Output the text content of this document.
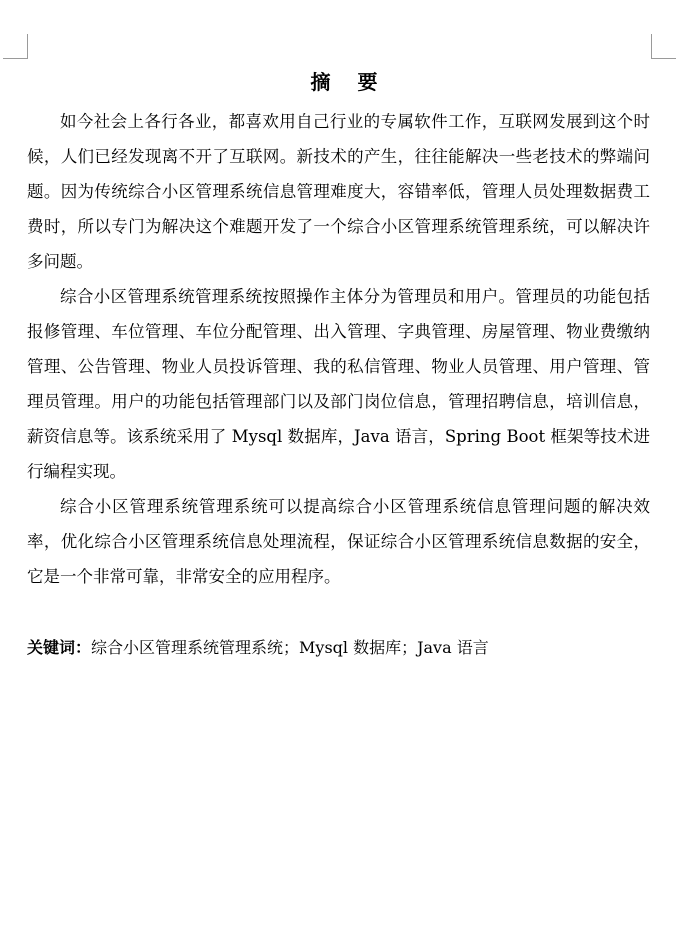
摘 要

如今社会上各行各业，都喜欢用自己行业的专属软件工作，互联网发展到这个时候，人们已经发现离不开了互联网。新技术的产生，往往能解决一些老技术的弊端问题。因为传统综合小区管理系统信息管理难度大，容错率低，管理人员处理数据费工费时，所以专门为解决这个难题开发了一个综合小区管理系统管理系统，可以解决许多问题。

综合小区管理系统管理系统按照操作主体分为管理员和用户。管理员的功能包括报修管理、车位管理、车位分配管理、出入管理、字典管理、房屋管理、物业费缴纳管理、公告管理、物业人员投诉管理、我的私信管理、物业人员管理、用户管理、管理员管理。用户的功能包括管理部门以及部门岗位信息，管理招聘信息，培训信息，薪资信息等。该系统采用了 Mysql 数据库，Java 语言，Spring Boot 框架等技术进行编程实现。

综合小区管理系统管理系统可以提高综合小区管理系统信息管理问题的解决效率，优化综合小区管理系统信息处理流程，保证综合小区管理系统信息数据的安全，它是一个非常可靠，非常安全的应用程序。

关键词：综合小区管理系统管理系统；Mysql 数据库；Java 语言
